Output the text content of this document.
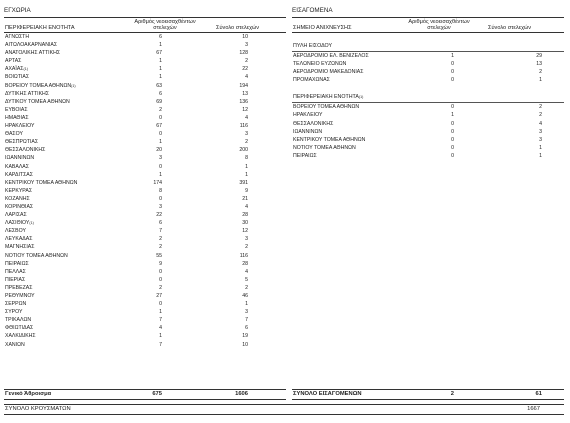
ΕΓΧΩΡΙΑ
ΠΕΡΙΦΕΡΕΙΑΚΗ ΕΝΟΤΗΤΑ
Αριθμός νεοεισαχθέντων στελεχών	Σύνολο στελεχών
ΑΓΝΩΣΤΗ	6	10
ΑΙΤΩΛΟΑΚΑΡΝΑΝΙΑΣ	1	3
ΑΝΑΤΟΛΙΚΗΣ ΑΤΤΙΚΗΣ	67	128
ΑΡΤΑΣ	1	2
ΑΧΑΪΑΣ$^{(1)}$	1	22
ΒΟΙΩΤΙΑΣ	1	4
ΒΟΡΕΙΟΥ ΤΟΜΕΑ ΑΘΗΝΩΝ$^{(1)}$	63	194
ΔΥΤΙΚΗΣ ΑΤΤΙΚΗΣ	6	13
ΔΥΤΙΚΟΥ ΤΟΜΕΑ ΑΘΗΝΩΝ	69	136
ΕΥΒΟΙΑΣ	2	12
ΗΜΑΘΙΑΣ	0	4
ΗΡΑΚΛΕΙΟΥ	67	116
ΘΑΣΟΥ	0	3
ΘΕΣΠΡΩΤΙΑΣ	1	2
ΘΕΣΣΑΛΟΝΙΚΗΣ	20	200
ΙΩΑΝΝΙΝΩΝ	3	8
ΚΑΒΑΛΑΣ	0	1
ΚΑΡΔΙΤΣΑΣ	1	1
ΚΕΝΤΡΙΚΟΥ ΤΟΜΕΑ ΑΘΗΝΩΝ	174	391
ΚΕΡΚΥΡΑΣ	8	9
ΚΟΖΑΝΗΣ	0	21
ΚΟΡΙΝΘΙΑΣ	3	4
ΛΑΡΙΣΑΣ	22	28
ΛΑΣΙΘΙΟΥ$^{(1)}$	6	30
ΛΕΣΒΟΥ	7	12
ΛΕΥΚΑΔΑΣ	2	3
ΜΑΓΝΗΣΙΑΣ	2	2
ΝΟΤΙΟΥ ΤΟΜΕΑ ΑΘΗΝΩΝ	55	116
ΠΕΙΡΑΙΩΣ	9	28
ΠΕΛΛΑΣ	0	4
ΠΙΕΡΙΑΣ	0	5
ΠΡΕΒΕΖΑΣ	2	2
ΡΕΘΥΜΝΟΥ	27	46
ΣΕΡΡΩΝ	0	1
ΣΥΡΟΥ	1	3
ΤΡΙΚΑΛΩΝ	7	7
ΦΘΙΩΤΙΔΑΣ	4	6
ΧΑΛΚΙΔΙΚΗΣ	1	19
ΧΑΝΙΩΝ	7	10
Γενικό Άθροισμα	675	1606
ΕΙΣΑΓΟΜΕΝΑ
ΣΗΜΕΙΟ ΑΝΙΧΝΕΥΣΗΣ
Αριθμός νεοεισαχθέντων στελεχών	Σύνολο στελεχών
ΠΥΛΗ ΕΙΣΟΔΟΥ
ΑΕΡΟΔΡΟΜΙΟ ΕΛ. ΒΕΝΙΖΕΛΟΣ	1	29
ΤΕΛΩΝΕΙΟ ΕΥΖΩΝΩΝ	0	13
ΑΕΡΟΔΡΟΜΙΟ ΜΑΚΕΔΟΝΙΑΣ	0	2
ΠΡΟΜΑΧΩΝΑΣ	0	1
ΠΕΡΙΦΕΡΕΙΑΚΗ ΕΝΟΤΗΤΑ$^{(1)}$
ΒΟΡΕΙΟΥ ΤΟΜΕΑ ΑΘΗΝΩΝ	0	2
ΗΡΑΚΛΕΙΟΥ	1	2
ΘΕΣΣΑΛΟΝΙΚΗΣ	0	4
ΙΩΑΝΝΙΝΩΝ	0	3
ΚΕΝΤΡΙΚΟΥ ΤΟΜΕΑ ΑΘΗΝΩΝ	0	3
ΝΟΤΙΟΥ ΤΟΜΕΑ ΑΘΗΝΩΝ	0	1
ΠΕΙΡΑΙΩΣ	0	1
ΣΥΝΟΛΟ ΕΙΣΑΓΟΜΕΝΩΝ	2	61
ΣΥΝΟΛΟ ΚΡΟΥΣΜΑΤΩΝ	1667
